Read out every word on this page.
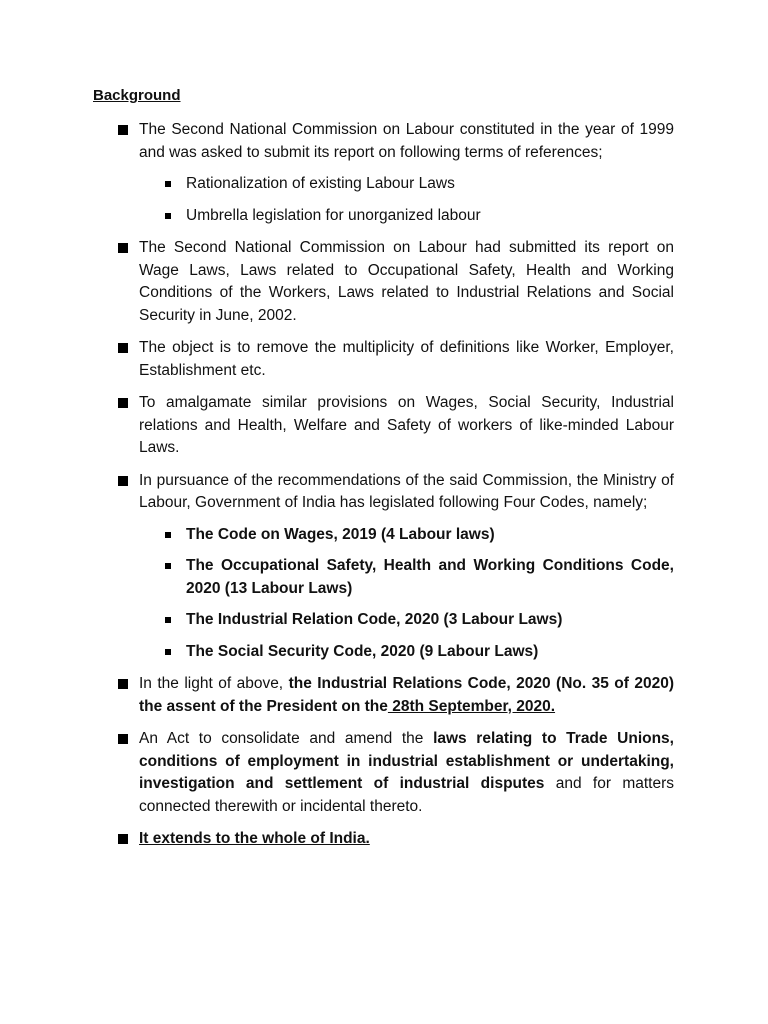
Background

The Second National Commission on Labour constituted in the year of 1999 and was asked to submit its report on following terms of references;
Rationalization of existing Labour Laws
Umbrella legislation for unorganized labour
The Second National Commission on Labour had submitted its report on Wage Laws, Laws related to Occupational Safety, Health and Working Conditions of the Workers, Laws related to Industrial Relations and Social Security in June, 2002.
The object is to remove the multiplicity of definitions like Worker, Employer, Establishment etc.
To amalgamate similar provisions on Wages, Social Security, Industrial relations and Health, Welfare and Safety of workers of like-minded Labour Laws.
In pursuance of the recommendations of the said Commission, the Ministry of Labour, Government of India has legislated following Four Codes, namely;
The Code on Wages, 2019 (4 Labour laws)
The Occupational Safety, Health and Working Conditions Code, 2020 (13 Labour Laws)
The Industrial Relation Code, 2020 (3 Labour Laws)
The Social Security Code, 2020 (9 Labour Laws)
In the light of above, the Industrial Relations Code, 2020 (No. 35 of 2020) the assent of the President on the 28th September, 2020.
An Act to consolidate and amend the laws relating to Trade Unions, conditions of employment in industrial establishment or undertaking, investigation and settlement of industrial disputes and for matters connected therewith or incidental thereto.
It extends to the whole of India.
